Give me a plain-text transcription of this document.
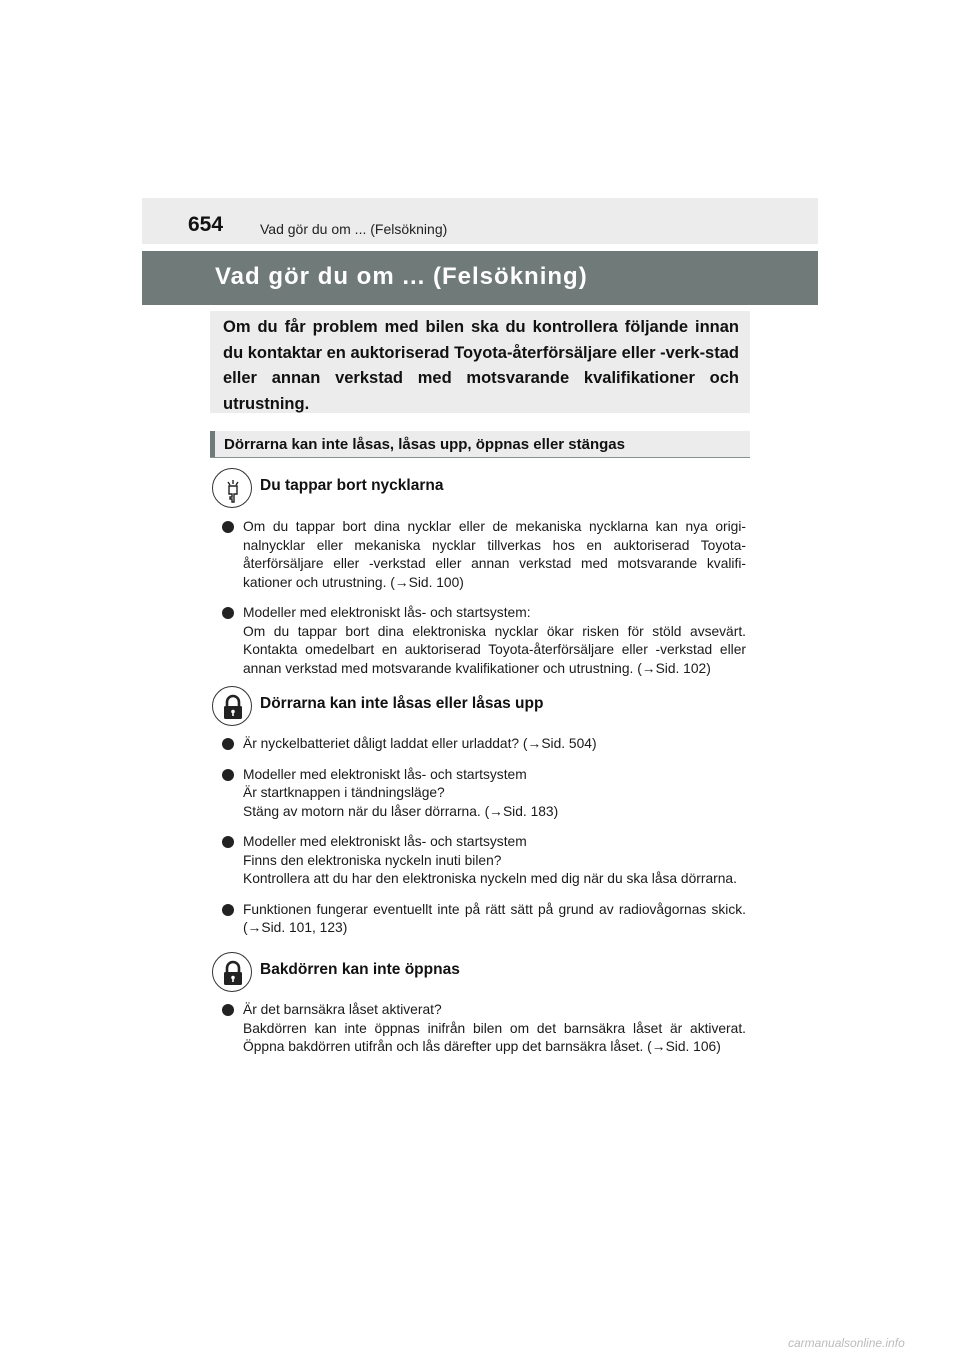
654	Vad gör du om ... (Felsökning)
Vad gör du om ... (Felsökning)
Om du får problem med bilen ska du kontrollera följande innan du kontaktar en auktoriserad Toyota-återförsäljare eller -verk-stad eller annan verkstad med motsvarande kvalifikationer och utrustning.
Dörrarna kan inte låsas, låsas upp, öppnas eller stängas
Du tappar bort nycklarna
Om du tappar bort dina nycklar eller de mekaniska nycklarna kan nya origi-nalnycklar eller mekaniska nycklar tillverkas hos en auktoriserad Toyota-återförsäljare eller -verkstad eller annan verkstad med motsvarande kvalifi-kationer och utrustning. (→Sid. 100)
Modeller med elektroniskt lås- och startsystem:
Om du tappar bort dina elektroniska nycklar ökar risken för stöld avsevärt. Kontakta omedelbart en auktoriserad Toyota-återförsäljare eller -verkstad eller annan verkstad med motsvarande kvalifikationer och utrustning. (→Sid. 102)
Dörrarna kan inte låsas eller låsas upp
Är nyckelbatteriet dåligt laddat eller urladdat? (→Sid. 504)
Modeller med elektroniskt lås- och startsystem
Är startknappen i tändningsläge?
Stäng av motorn när du låser dörrarna. (→Sid. 183)
Modeller med elektroniskt lås- och startsystem
Finns den elektroniska nyckeln inuti bilen?
Kontrollera att du har den elektroniska nyckeln med dig när du ska låsa dörrarna.
Funktionen fungerar eventuellt inte på rätt sätt på grund av radiovågornas skick. (→Sid. 101, 123)
Bakdörren kan inte öppnas
Är det barnsäkra låset aktiverat?
Bakdörren kan inte öppnas inifrån bilen om det barnsäkra låset är aktiverat. Öppna bakdörren utifrån och lås därefter upp det barnsäkra låset. (→Sid. 106)
carmanualsonline.info
